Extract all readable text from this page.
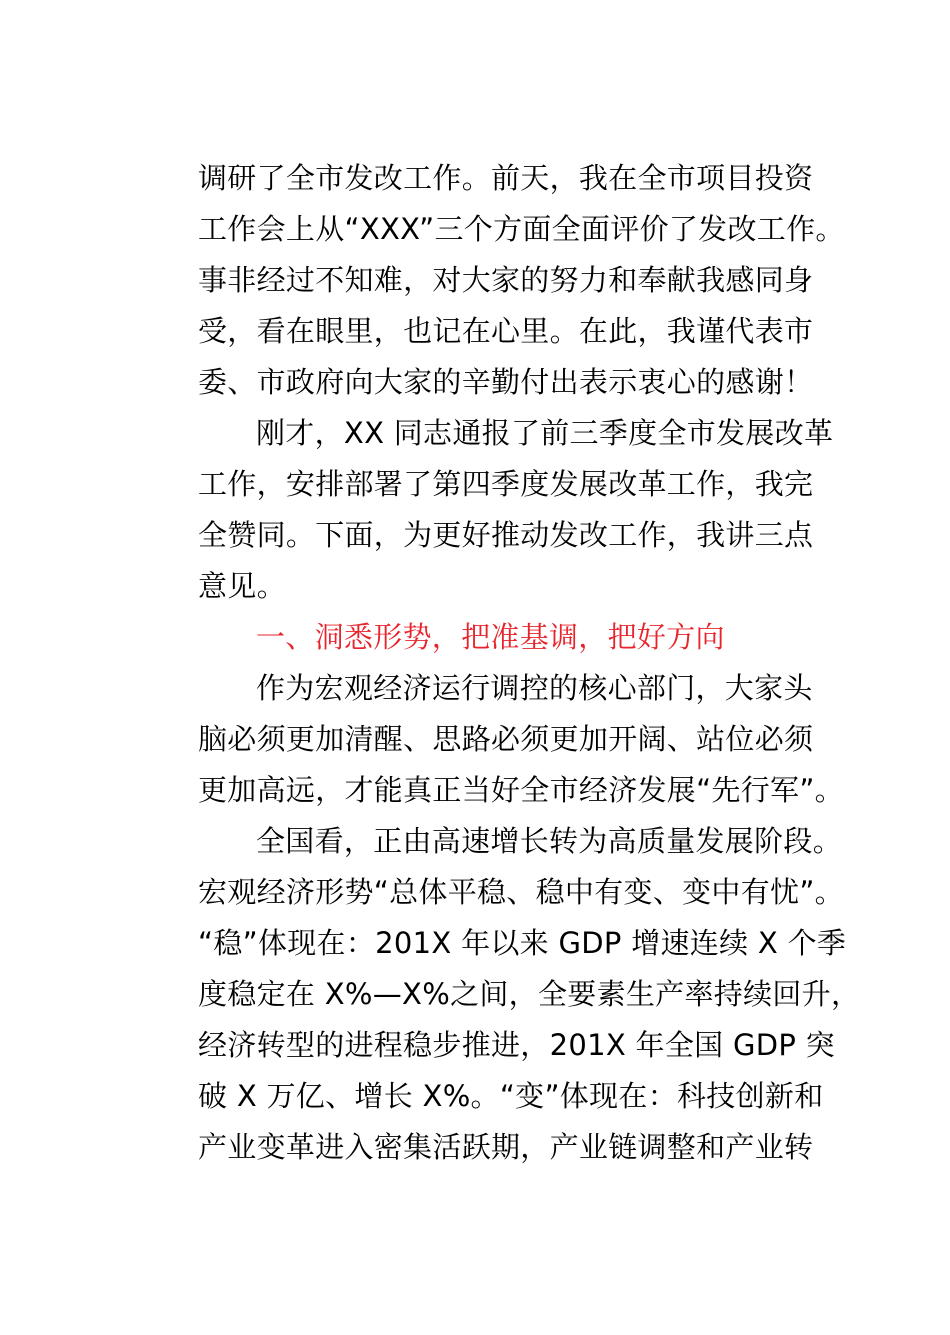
调研了全市发改工作。前天，我在全市项目投资
工作会上从“XXX”三个方面全面评价了发改工作。
事非经过不知难，对大家的努力和奉献我感同身
受，看在眼里，也记在心里。在此，我谨代表市
委、市政府向大家的辛勤付出表示衷心的感谢！
刚才，XX 同志通报了前三季度全市发展改革
工作，安排部署了第四季度发展改革工作，我完
全赞同。下面，为更好推动发改工作，我讲三点
意见。
一、洞悉形势，把准基调，把好方向
作为宏观经济运行调控的核心部门，大家头
脑必须更加清醒、思路必须更加开阔、站位必须
更加高远，才能真正当好全市经济发展“先行军”。
全国看，正由高速增长转为高质量发展阶段。
宏观经济形势“总体平稳、稳中有变、变中有忧”。
“稳”体现在：201X 年以来 GDP 增速连续 X 个季
度稳定在 X%—X%之间，全要素生产率持续回升，
经济转型的进程稳步推进，201X 年全国 GDP 突
破 X 万亿、增长 X%。“变”体现在：科技创新和
产业变革进入密集活跃期，产业链调整和产业转
